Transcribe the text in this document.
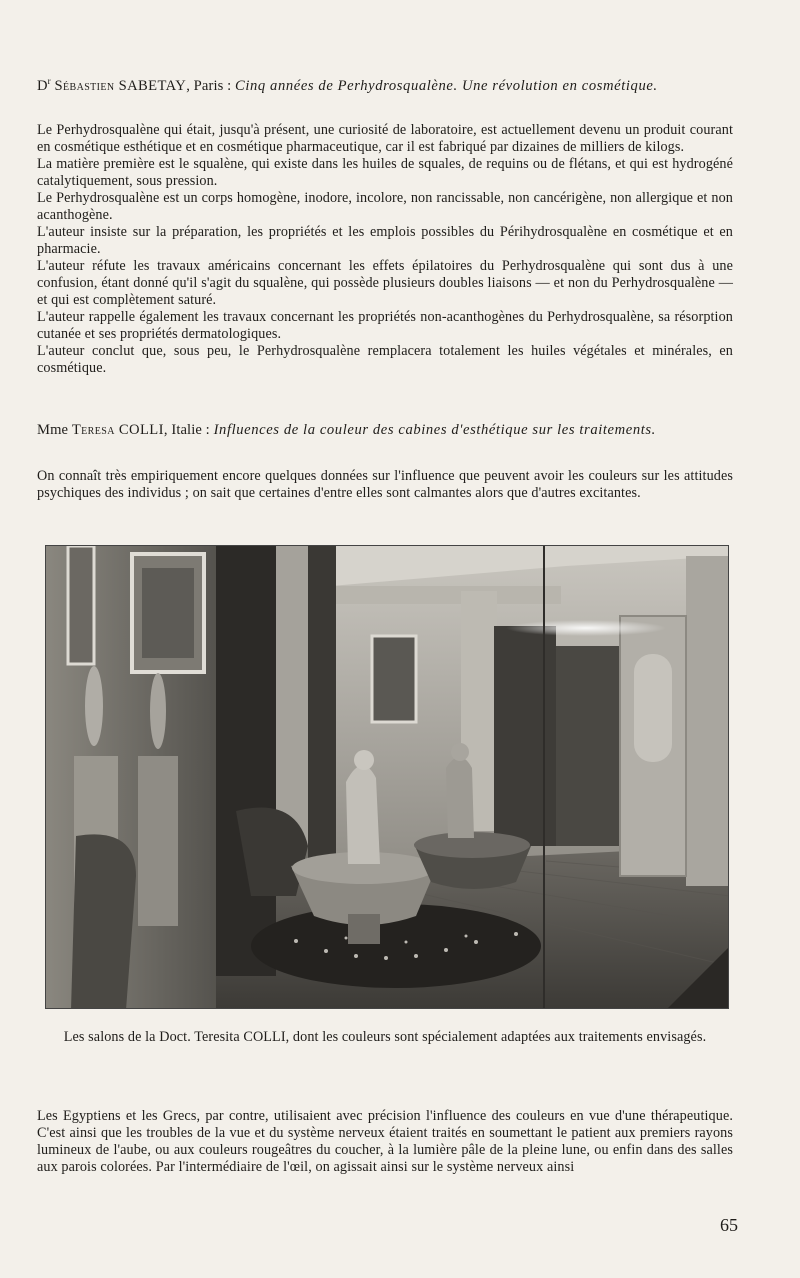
$D^r$ Sébastien SABETAY, Paris : Cinq années de Perhydrosqualène. Une révolution en cosmétique.

Le Perhydrosqualène qui était, jusqu'à présent, une curiosité de laboratoire, est actuellement devenu un produit courant en cosmétique esthétique et en cosmétique pharmaceutique, car il est fabriqué par dizaines de milliers de kilogs.

La matière première est le squalène, qui existe dans les huiles de squales, de requins ou de flétans, et qui est hydrogéné catalytiquement, sous pression.

Le Perhydrosqualène est un corps homogène, inodore, incolore, non rancissable, non cancérigène, non allergique et non acanthogène.

L'auteur insiste sur la préparation, les propriétés et les emplois possibles du Périhydrosqualène en cosmétique et en pharmacie.

L'auteur réfute les travaux américains concernant les effets épilatoires du Perhydrosqualène qui sont dus à une confusion, étant donné qu'il s'agit du squalène, qui possède plusieurs doubles liaisons — et non du Perhydrosqualène — et qui est complètement saturé.

L'auteur rappelle également les travaux concernant les propriétés non-acanthogènes du Perhydrosqualène, sa résorption cutanée et ses propriétés dermatologiques.

L'auteur conclut que, sous peu, le Perhydrosqualène remplacera totalement les huiles végétales et minérales, en cosmétique.

Mme Teresa COLLI, Italie : Influences de la couleur des cabines d'esthétique sur les traitements.

On connaît très empiriquement encore quelques données sur l'influence que peuvent avoir les couleurs sur les attitudes psychiques des individus ; on sait que certaines d'entre elles sont calmantes alors que d'autres excitantes.

Les salons de la Doct. Teresita COLLI, dont les couleurs sont spécialement adaptées aux traitements envisagés.

Les Egyptiens et les Grecs, par contre, utilisaient avec précision l'influence des couleurs en vue d'une thérapeutique. C'est ainsi que les troubles de la vue et du système nerveux étaient traités en soumettant le patient aux premiers rayons lumineux de l'aube, ou aux couleurs rougeâtres du coucher, à la lumière pâle de la pleine lune, ou enfin dans des salles aux parois colorées. Par l'intermédiaire de l'œil, on agissait ainsi sur le système nerveux ainsi

65
